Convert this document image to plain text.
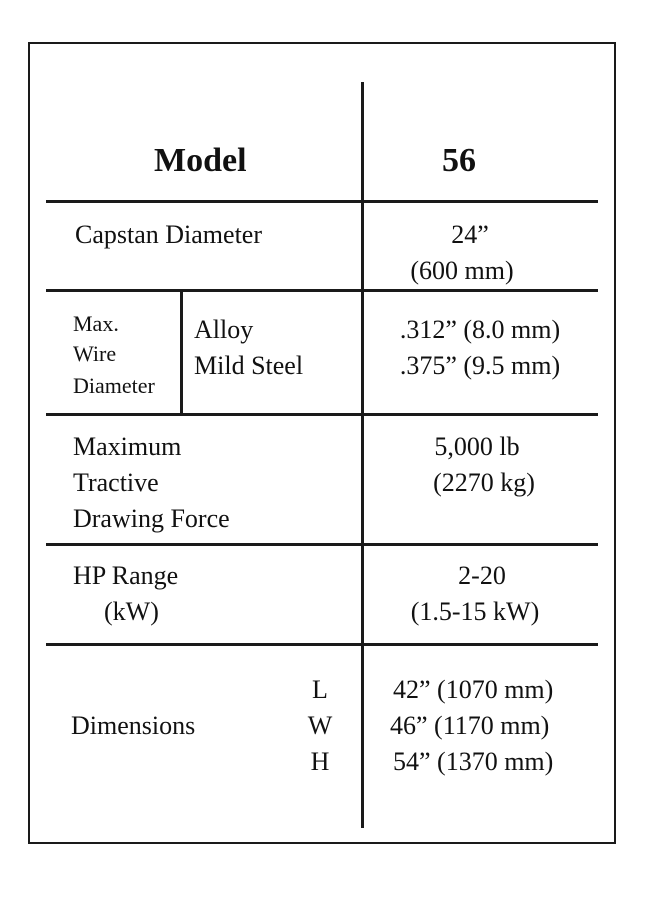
Model	56
Capstan Diameter	24”
(600 mm)
Max.
Wire
Diameter
Alloy
Mild Steel
.312” (8.0 mm)
.375” (9.5 mm)
Maximum
Tractive
Drawing Force
5,000 lb
(2270 kg)
HP Range
(kW)
2-20
(1.5-15 kW)
Dimensions
L
W
H
42” (1070 mm)
46” (1170 mm)
54” (1370 mm)
